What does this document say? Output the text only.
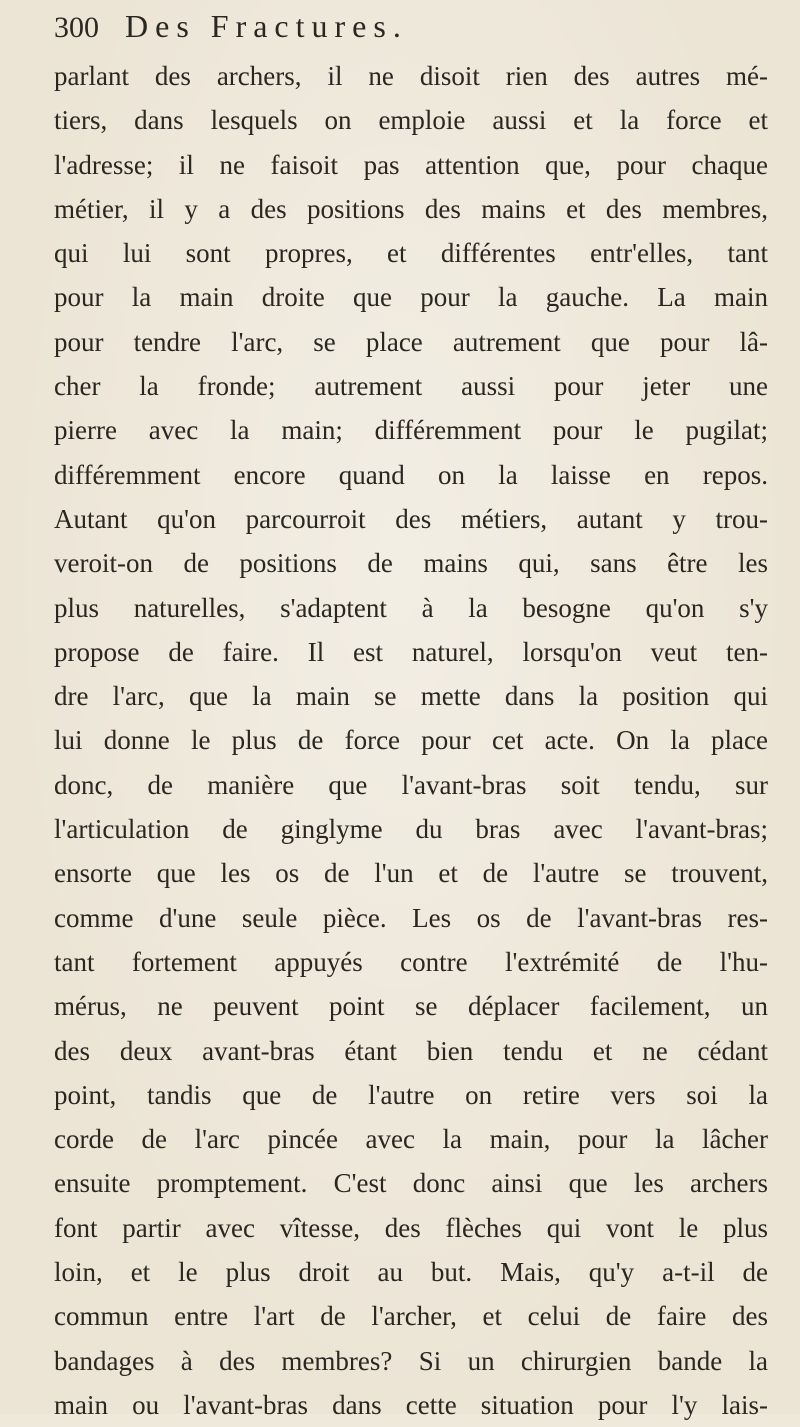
300 Des Fractures.
parlant des archers, il ne disoit rien des autres mé-
tiers, dans lesquels on emploie aussi et la force et
l'adresse; il ne faisoit pas attention que, pour chaque
métier, il y a des positions des mains et des membres,
qui lui sont propres, et différentes entr'elles, tant
pour la main droite que pour la gauche. La main
pour tendre l'arc, se place autrement que pour lâ-
cher la fronde; autrement aussi pour jeter une
pierre avec la main; différemment pour le pugilat;
différemment encore quand on la laisse en repos.
Autant qu'on parcourroit des métiers, autant y trou-
veroit-on de positions de mains qui, sans être les
plus naturelles, s'adaptent à la besogne qu'on s'y
propose de faire. Il est naturel, lorsqu'on veut ten-
dre l'arc, que la main se mette dans la position qui
lui donne le plus de force pour cet acte. On la place
donc, de manière que l'avant-bras soit tendu, sur
l'articulation de ginglyme du bras avec l'avant-bras;
ensorte que les os de l'un et de l'autre se trouvent,
comme d'une seule pièce. Les os de l'avant-bras res-
tant fortement appuyés contre l'extrémité de l'hu-
mérus, ne peuvent point se déplacer facilement, un
des deux avant-bras étant bien tendu et ne cédant
point, tandis que de l'autre on retire vers soi la
corde de l'arc pincée avec la main, pour la lâcher
ensuite promptement. C'est donc ainsi que les archers
font partir avec vîtesse, des flèches qui vont le plus
loin, et le plus droit au but. Mais, qu'y a-t-il de
commun entre l'art de l'archer, et celui de faire des
bandages à des membres? Si un chirurgien bande la
main ou l'avant-bras dans cette situation pour l'y lais-
